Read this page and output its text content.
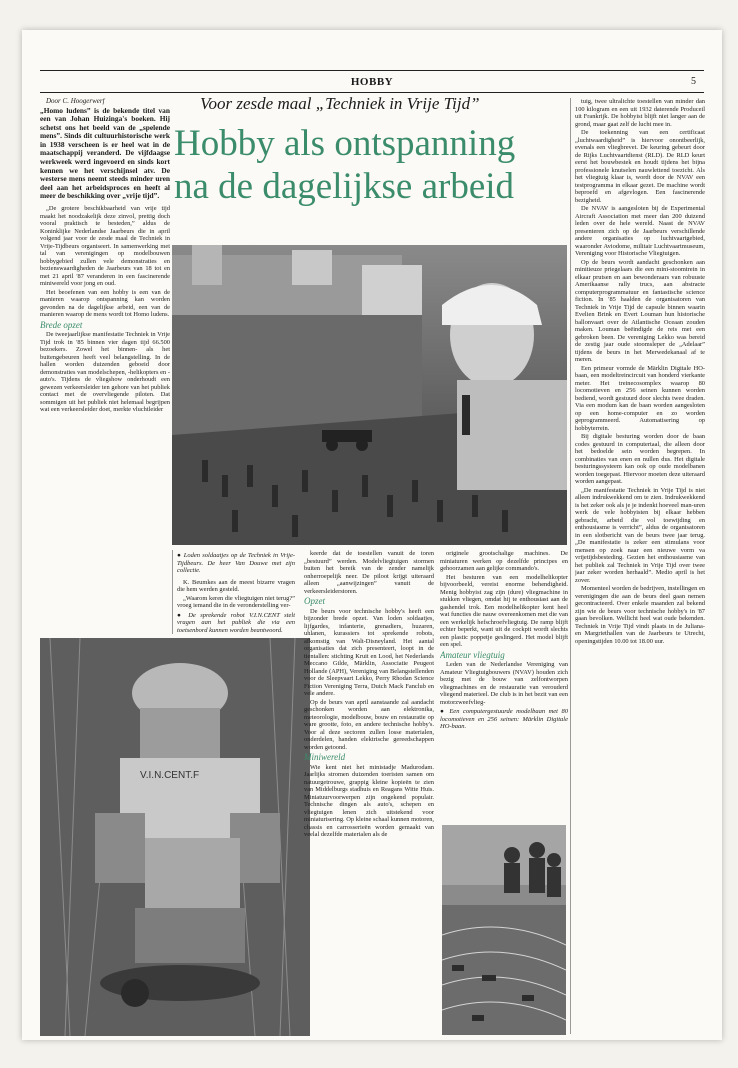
HOBBY	5

Door C. Hoogerwerf

„Homo ludens” is de bekende titel van een van Johan Huizinga's boeken. Hij schetst ons het beeld van de „spelende mens”. Sinds dit cultuurhistorische werk in 1938 verscheen is er heel wat in de maatschappij veranderd. De vijfdaagse werkweek werd ingevoerd en sinds kort kennen we het verschijnsel atv. De westerse mens neemt steeds minder uren deel aan het arbeidsproces en heeft al meer de beschikking over „vrije tijd”.

„De grotere beschikbaarheid van vrije tijd maakt het noodzakelijk deze zinvol, prettig doch vooral praktisch te besteden,” aldus de Koninklijke Nederlandse Jaarbeurs die in april volgend jaar voor de zesde maal de Techniek in Vrije-Tijdbeurs organiseert. In samenwerking met tal van verenigingen op modelbouwen hobbygebied zullen vele demonstraties en bezienswaardigheden de Jaarbeurs van 18 tot en met 21 april '87 veranderen in een fascinerende miniwereld voor jong en oud.

Het beoefenen van een hobby is een van de manieren waarop ontspanning kan worden gevonden na de dagelijkse arbeid, een van de manieren waarop de mens wordt tot Homo ludens.

Brede opzet

De tweejaarlijkse manifestatie Techniek in Vrije Tijd trok in '85 binnen vier dagen tijd 66.500 bezoekers. Zowel het binnen- als het buitengebeuren heeft veel belangstelling. In de hallen worden duizenden geboeid door demonstraties van modelschepen, -helikopters en -auto's. Tijdens de vliegshow onderhoudt een gewezen verkeersleider ten gehore van het publiek contact met de overvliegende piloten. Dat sommigen uit het publiek niet helemaal begrijpen wat een verkeersleider doet, merkte vluchtleider

Voor zesde maal „Techniek in Vrije Tijd”
Hobby als ontspanning
na de dagelijkse arbeid
V.I.N.CENT.F
● Loden soldaatjes op de Techniek in Vrije-Tijdbeurs. De heer Van Douwe met zijn collectie.

K. Beumkes aan de meest bizarre vragen die hem werden gesteld.

„Waarom keren die vliegtuigen niet terug?” vroeg iemand die in de veronderstelling ver-

● De sprekende robot V.I.N.CENT stelt vragen aan het publiek die via een toetsenbord kunnen worden beantwoord.

keerde dat de toestellen vanuit de toren „bestuurd” werden. Modelvliegtuigen stormen buiten het bereik van de zender namelijk onherroepelijk neer. De piloot krijgt uiteraard alleen „aanwijzingen” vanuit de verkeersleiderstoren.

Opzet

De beurs voor technische hobby's heeft een bijzonder brede opzet. Van loden soldaatjes, lijfgardes, infanterie, grenadiers, huzaren, uhlanen, kurassiers tot sprekende robots, afkomstig van Walt-Disneyland. Het aantal organisaties dat zich presenteert, loopt in de tientallen: stichting Kruit en Lood, het Nederlands Meccano Gilde, Märklin, Associatie Peugeot Hollande (APH), Vereniging van Belangstellenden voor de Sleepvaart Lekko, Perry Rhodan Science Fiction Vereniging Terra, Dutch Mack Fanclub en vele andere.

Op de beurs van april aanstaande zal aandacht geschonken worden aan elektronika, meteorologie, modelbouw, bouw en restauratie op ware grootte, foto, en andere technische hobby's. Voor al deze sectoren zullen losse materialen, onderdelen, handen elektrische gereedschappen worden getoond.

Miniwereld

Wie kent niet het ministadje Madurodam. Jaarlijks stromen duizenden toeristen samen om natuurgetrouwe, grappig kleine kopieën te zien van Middelburgs stadhuis en Reagans Witte Huis. Miniatuurvoorwerpen zijn ongekend populair. Technische dingen als auto's, schepen en vliegtuigen lenen zich uitstekend voor miniaturisering. Op kleine schaal kunnen motoren, chassis en carrosserieën worden gemaakt van veelal dezelfde materialen als de

originele grootschalige machines. De miniaturen werken op dezelfde principes en gehoorzamen aan gelijke commando's.

Het besturen van een modelhelikopter bijvoorbeeld, vereist enorme behendigheid. Menig hobbyist zag zijn (dure) vliegmachine in stukken vliegen, omdat hij te enthousiast aan de gashendel trok. Een modelhelikopter kent heel wat functies die nauw overeenkomen met die van een werkelijk hefschroefvliegtuig. De ramp blijft echter beperkt, want uit de cockpit wordt slechts een plastic poppetje geslingerd. Het model blijft een spel.

Amateur vliegtuig

Leden van de Nederlandse Vereniging van Amateur Vliegtuigbouwers (NVAV) houden zich bezig met de bouw van zelfontworpen vliegmachines en de restauratie van verouderd vliegend materieel. De club is in het bezit van een motorzweefvlieg-

● Een computergestuurde modelbaan met 80 locomotieven en 256 seinen: Märklin Digitale HO-baan.

tuig, twee ultralichte toestellen van minder dan 100 kilogram en een uit 1932 daterende Produceil uit Frankrijk. De hobbyist blijft niet langer aan de grond, maar gaat zelf de lucht mee in.

De toekenning van een certificaat „luchtwaardigheid” is hiervoor onontbeerlijk, evenals een vliegbrevet. De keuring gebeurt door de Rijks Luchtvaartdienst (RLD). De RLD keurt eerst het bouwbestek en houdt tijdens het bijna professionele knutselen nauwlettend toezicht. Als het vliegtuig klaar is, wordt door de NVAV een testprogramma in elkaar gezet. De machine wordt beproefd en afgevlogen. Een fascinerende bezigheid.

De NVAV is aangesloten bij de Experimental Aircraft Association met meer dan 200 duizend leden over de hele wereld. Naast de NVAV presenteren zich op de Jaarbeurs verschillende andere organisaties op luchtvaartgebied, waaronder Aviodome, militair Luchtvaartmuseum, Vereniging voor Historische Vliegtuigen.

Op de beurs wordt aandacht geschonken aan minitieuze priegelaars die een mini-stoomtrein in elkaar prutsen en aan bewonderaars van robuuste Amerikaanse rally trucs, aan abstracte computerprogrammatuur en fantastische science fiction. In '85 haalden de organisatoren van Techniek in Vrije Tijd de capsule binnen waarin Evelien Brink en Evert Louman hun historische ballonvaart over de Atlantische Oceaan zouden maken. Louman beëindigde de reis met een gebroken been. De vereniging Lekko was bereid de zestig jaar oude stoomsleper de „Adelaar” tijdens de beurs in het Merwedekanaal af te meren.

Een primeur vormde de Märklin Digitale HO-baan, een modeltreincircuit van honderd vierkante meter. Het treinecosomplex waarop 80 locomotieven en 256 seinen kunnen worden bediend, wordt gestuurd door slechts twee draden. Via een modum kan de baan worden aangesloten op een home-computer en zo worden geprogrammeerd. Automatisering op hobbyterrein.

Bij digitale besturing worden door de baan codes gestuurd in computertaal, die alleen door het bedoelde sein worden begrepen. In combinaties van enen en nullen dus. Het digitale besturingssysteem kan ook op oude modelbanen worden toegepast. Hiervoor moeten deze uiteraard worden aangepast.

„De manifestatie Techniek in Vrije Tijd is niet alleen indrukwekkend om te zien. Indrukwekkend is het zeker ook als je je indenkt hoeveel man-uren werk de vele hobbyisten bij elkaar hebben gebracht, arbeid die vol toewijding en enthousiasme is verricht”, aldus de organisatoren in een slotbericht van de beurs twee jaar terug. „De manifestatie is zeker een stimulans voor mensen op zoek naar een nieuwe vorm va vrijetijdsbesteding. Gezien het enthousiasme van het publiek zal Techniek in Vrije Tijd over twee jaar zeker worden herhaald”. Medio april is het zover.

Momenteel worden de bedrijven, instellingen en verenigingen die aan de beurs deel gaan nemen gecontracteerd. Over enkele maanden zal bekend zijn wie de beurs voor technische hobby's in '87 gaan bevolken. Wellicht heel wat oude bekenden. Techniek in Vrije Tijd vindt plaats in de Juliana- en Margriethallen van de Jaarbeurs te Utrecht, openingstijden 10.00 tot 18.00 uur.
